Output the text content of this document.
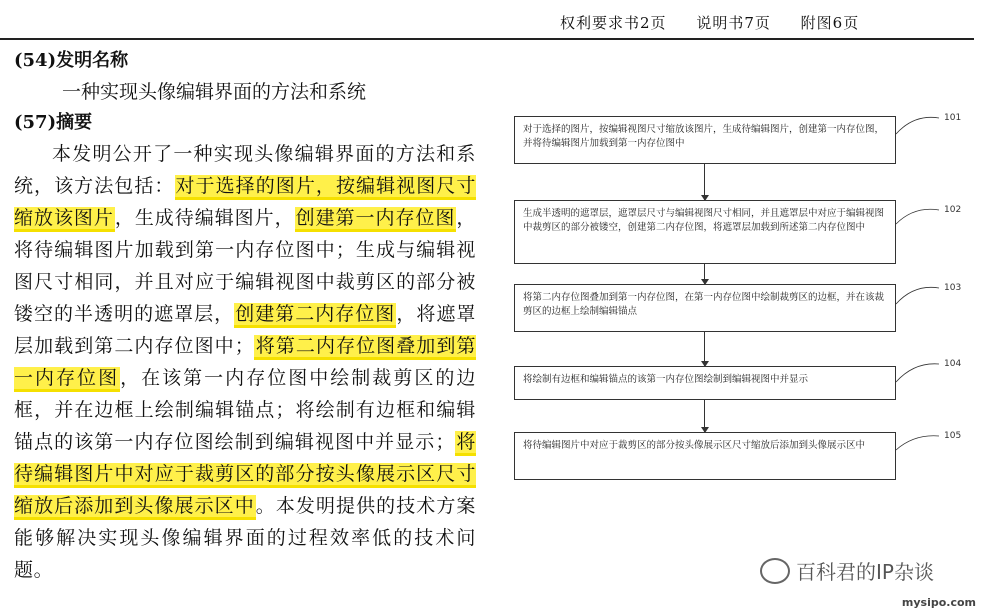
权利要求书2页 说明书7页 附图6页
(54)发明名称
一种实现头像编辑界面的方法和系统
(57)摘要

本发明公开了一种实现头像编辑界面的方法和系统，该方法包括：对于选择的图片，按编辑视图尺寸缩放该图片，生成待编辑图片，创建第一内存位图，将待编辑图片加载到第一内存位图中；生成与编辑视图尺寸相同，并且对应于编辑视图中裁剪区的部分被镂空的半透明的遮罩层，创建第二内存位图，将遮罩层加载到第二内存位图中；将第二内存位图叠加到第一内存位图，在该第一内存位图中绘制裁剪区的边框，并在边框上绘制编辑锚点；将绘制有边框和编辑锚点的该第一内存位图绘制到编辑视图中并显示；将待编辑图片中对应于裁剪区的部分按头像展示区尺寸缩放后添加到头像展示区中。本发明提供的技术方案能够解决实现头像编辑界面的过程效率低的技术问题。

对于选择的图片，按编辑视图尺寸缩放该图片，生成待编辑图片，创建第一内存位图，并将待编辑图片加载到第一内存位图中
生成半透明的遮罩层，遮罩层尺寸与编辑视图尺寸相同，并且遮罩层中对应于编辑视图中裁剪区的部分被镂空，创建第二内存位图，将遮罩层加载到所述第二内存位图中
将第二内存位图叠加到第一内存位图，在第一内存位图中绘制裁剪区的边框，并在该裁剪区的边框上绘制编辑锚点
将绘制有边框和编辑锚点的该第一内存位图绘制到编辑视图中并显示
将待编辑图片中对应于裁剪区的部分按头像展示区尺寸缩放后添加到头像展示区中
101
102
103
104
105
百科君的IP杂谈
mysipo.com
